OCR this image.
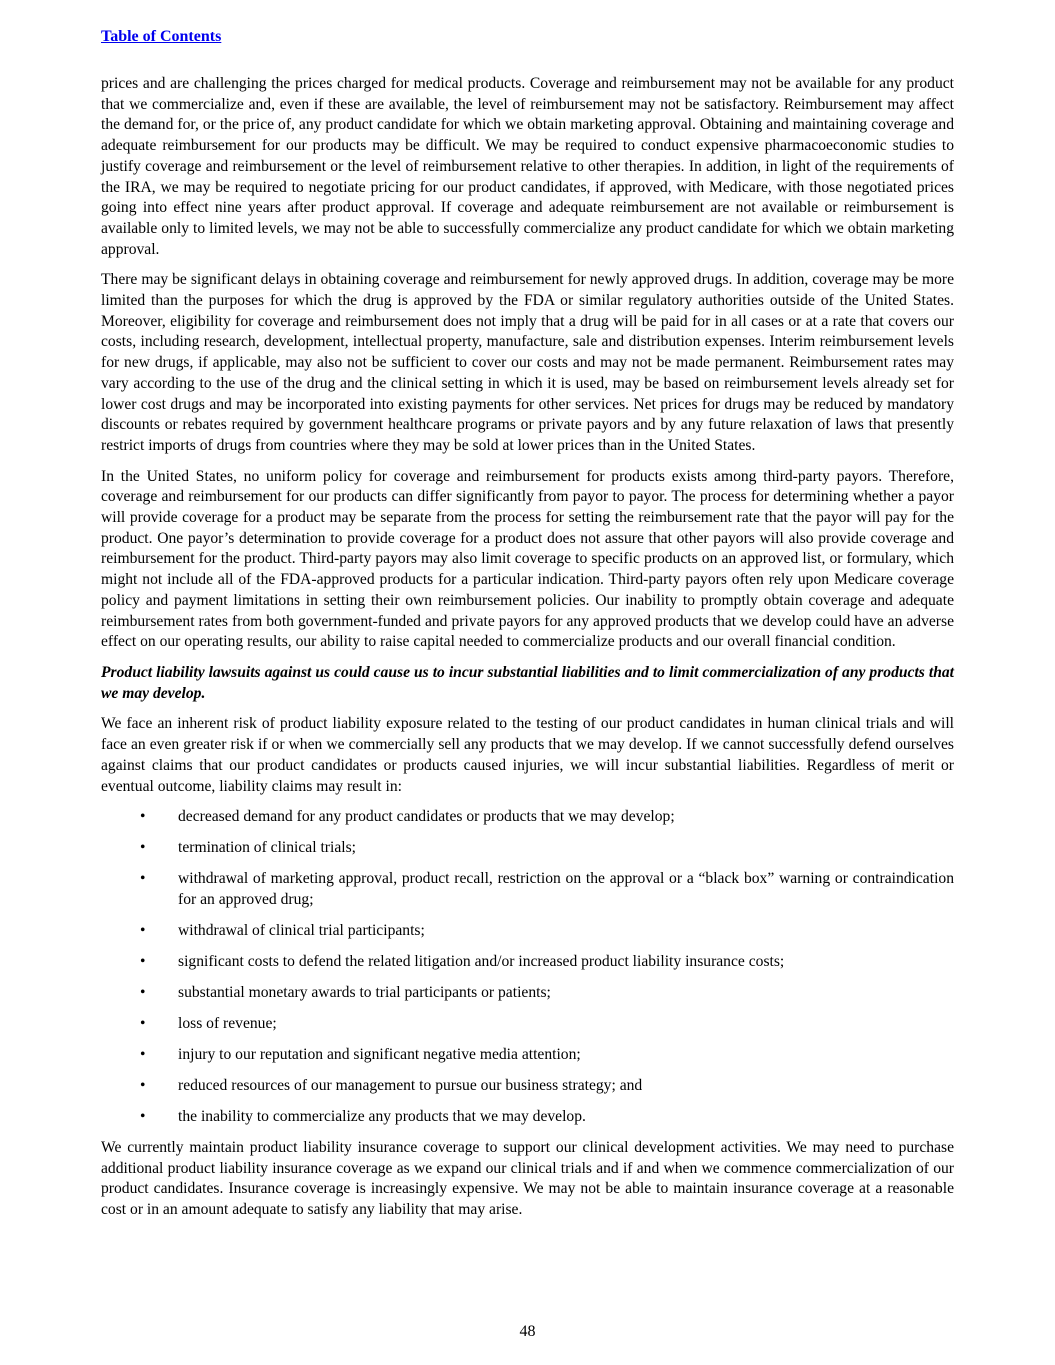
Table of Contents

prices and are challenging the prices charged for medical products. Coverage and reimbursement may not be available for any product that we commercialize and, even if these are available, the level of reimbursement may not be satisfactory. Reimbursement may affect the demand for, or the price of, any product candidate for which we obtain marketing approval. Obtaining and maintaining coverage and adequate reimbursement for our products may be difficult. We may be required to conduct expensive pharmacoeconomic studies to justify coverage and reimbursement or the level of reimbursement relative to other therapies. In addition, in light of the requirements of the IRA, we may be required to negotiate pricing for our product candidates, if approved, with Medicare, with those negotiated prices going into effect nine years after product approval. If coverage and adequate reimbursement are not available or reimbursement is available only to limited levels, we may not be able to successfully commercialize any product candidate for which we obtain marketing approval.

There may be significant delays in obtaining coverage and reimbursement for newly approved drugs. In addition, coverage may be more limited than the purposes for which the drug is approved by the FDA or similar regulatory authorities outside of the United States. Moreover, eligibility for coverage and reimbursement does not imply that a drug will be paid for in all cases or at a rate that covers our costs, including research, development, intellectual property, manufacture, sale and distribution expenses. Interim reimbursement levels for new drugs, if applicable, may also not be sufficient to cover our costs and may not be made permanent. Reimbursement rates may vary according to the use of the drug and the clinical setting in which it is used, may be based on reimbursement levels already set for lower cost drugs and may be incorporated into existing payments for other services. Net prices for drugs may be reduced by mandatory discounts or rebates required by government healthcare programs or private payors and by any future relaxation of laws that presently restrict imports of drugs from countries where they may be sold at lower prices than in the United States.

In the United States, no uniform policy for coverage and reimbursement for products exists among third-party payors. Therefore, coverage and reimbursement for our products can differ significantly from payor to payor. The process for determining whether a payor will provide coverage for a product may be separate from the process for setting the reimbursement rate that the payor will pay for the product. One payor’s determination to provide coverage for a product does not assure that other payors will also provide coverage and reimbursement for the product. Third-party payors may also limit coverage to specific products on an approved list, or formulary, which might not include all of the FDA-approved products for a particular indication. Third-party payors often rely upon Medicare coverage policy and payment limitations in setting their own reimbursement policies. Our inability to promptly obtain coverage and adequate reimbursement rates from both government-funded and private payors for any approved products that we develop could have an adverse effect on our operating results, our ability to raise capital needed to commercialize products and our overall financial condition.

Product liability lawsuits against us could cause us to incur substantial liabilities and to limit commercialization of any products that we may develop.

We face an inherent risk of product liability exposure related to the testing of our product candidates in human clinical trials and will face an even greater risk if or when we commercially sell any products that we may develop. If we cannot successfully defend ourselves against claims that our product candidates or products caused injuries, we will incur substantial liabilities. Regardless of merit or eventual outcome, liability claims may result in:

• decreased demand for any product candidates or products that we may develop;
• termination of clinical trials;
• withdrawal of marketing approval, product recall, restriction on the approval or a “black box” warning or contraindication for an approved drug;
• withdrawal of clinical trial participants;
• significant costs to defend the related litigation and/or increased product liability insurance costs;
• substantial monetary awards to trial participants or patients;
• loss of revenue;
• injury to our reputation and significant negative media attention;
• reduced resources of our management to pursue our business strategy; and
• the inability to commercialize any products that we may develop.

We currently maintain product liability insurance coverage to support our clinical development activities. We may need to purchase additional product liability insurance coverage as we expand our clinical trials and if and when we commence commercialization of our product candidates. Insurance coverage is increasingly expensive. We may not be able to maintain insurance coverage at a reasonable cost or in an amount adequate to satisfy any liability that may arise.

48
